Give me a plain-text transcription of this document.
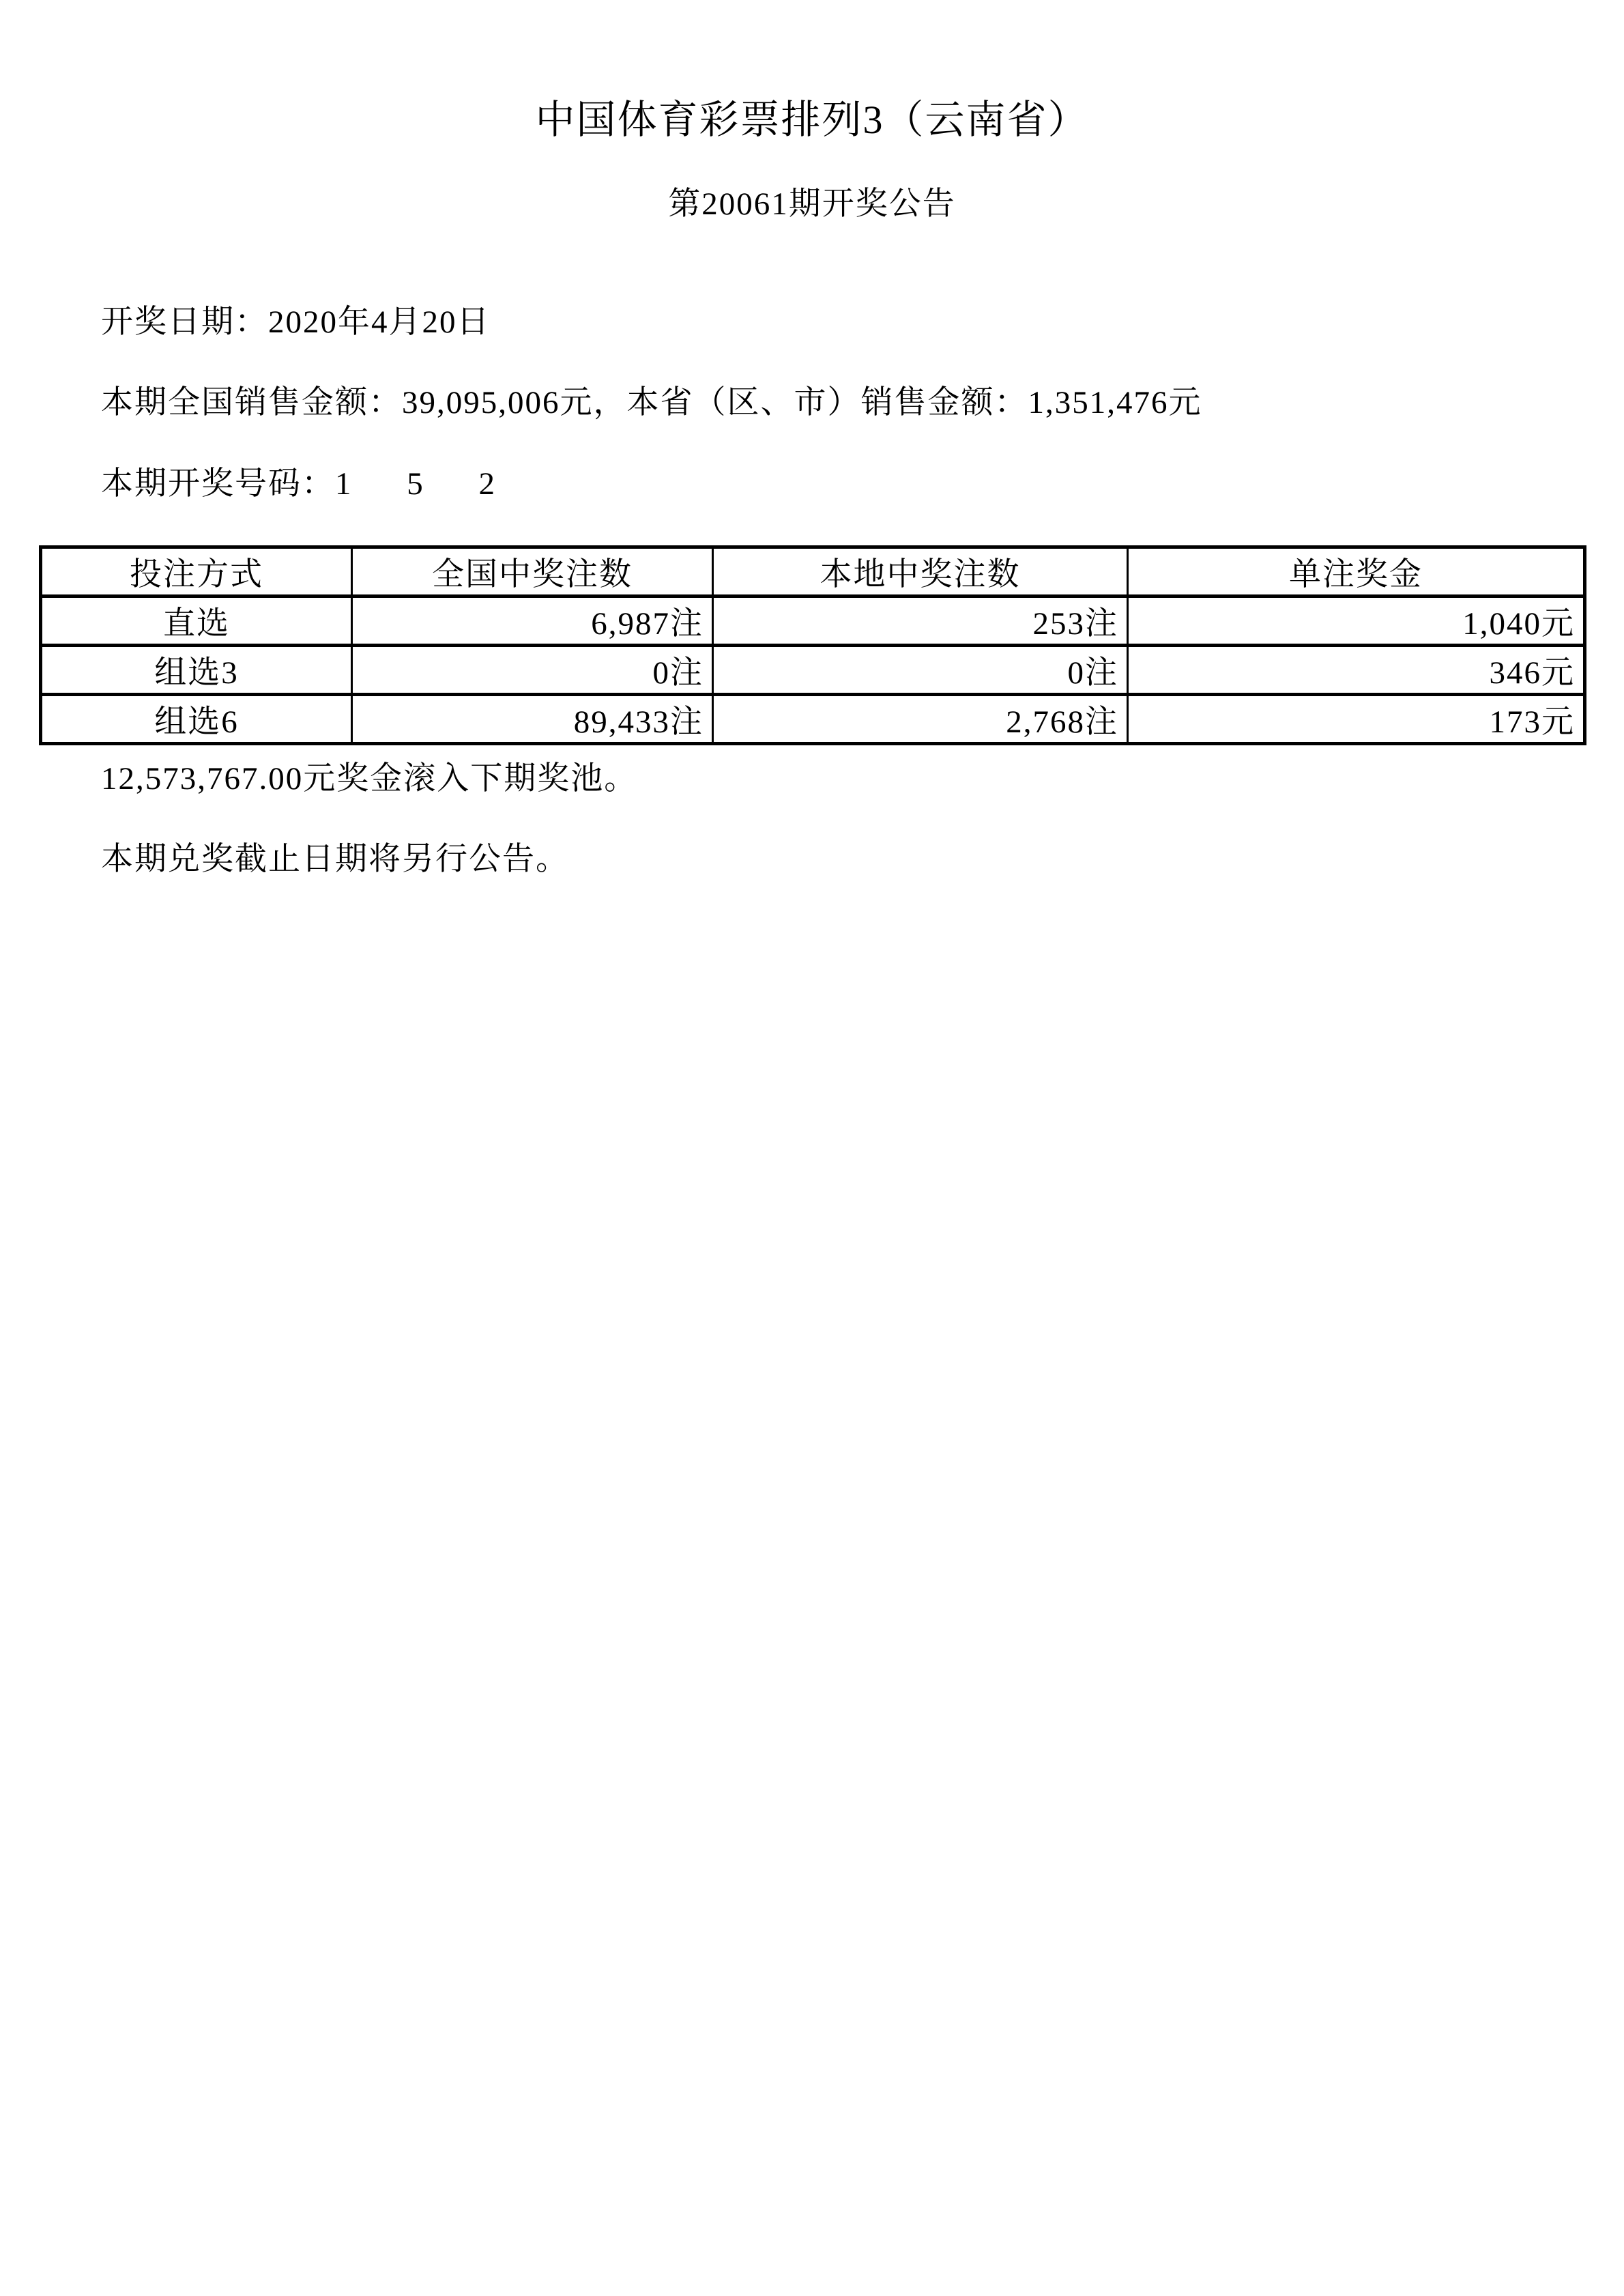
中国体育彩票排列3（云南省）
第20061期开奖公告

开奖日期：2020年4月20日

本期全国销售金额：39,095,006元，本省（区、市）销售金额：1,351,476元

本期开奖号码：1 5 2

投注方式	全国中奖注数	本地中奖注数	单注奖金
直选	6,987注	253注	1,040元
组选3	0注	0注	346元
组选6	89,433注	2,768注	173元

12,573,767.00元奖金滚入下期奖池。

本期兑奖截止日期将另行公告。
